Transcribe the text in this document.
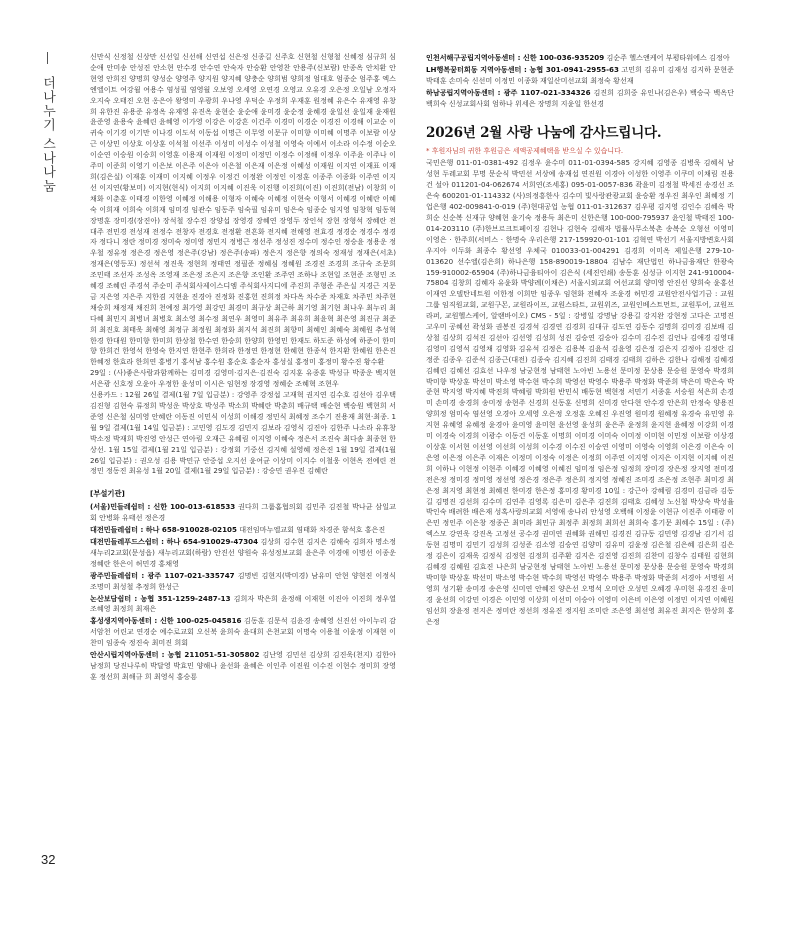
더나누기 스나나눔
32

신만식 신정철 신상만 신선일 신선해 신연섭 신은정 신종길 신주호 신현철 신형철 신혜정 심규희 심순애 안미송 안성진 안소현 안수경 안수연 안숙자 안승환 안영찬 안용주(신보람) 안종옥 안치환 안현영 안희진 양명희 양성순 양영주 양지원 양지혜 양충순 양희범 양희정 엄대호 엄종순 엄주홍 엑스엔엘이트 여강월 여용수 염성필 염영월 오보영 오세영 오연경 오영교 오유경 오은정 오일남 오정자 오지숙 오태진 오현 옹은아 왕영미 우광희 우나영 우덕순 우정희 우재훈 원정혜 유은수 유재영 유창희 유한진 유용준 유정옥 유재영 유진옥 윤현순 윤순애 윤미경 윤순정 윤혜경 윤일선 윤일재 윤재원 윤준영 윤용숙 윤혜린 윤혜영 이가영 이강은 이강흔 이건주 이경미 이경순 이경진 이경해 이교순 이귀숙 이기경 이기만 이나경 이도석 이동섭 이명근 이무영 이문규 이미향 이미혜 이명주 이보람 이상근 이상민 이상호 이상훈 이석철 이선주 이성미 이성수 이성철 이영숙 이예서 이소라 이수정 이순오 이순연 이승원 이승희 이영훈 이용재 이재원 이정미 이정민 이정수 이정해 이정우 이주윤 이주나 이주미 이준희 이영기 이은보 이은주 이은아 이은철 이은재 이은정 이혜성 이재원 이지연 이재표 이재희(김은실) 이재훈 이재미 이지혜 이정우 이정건 이정완 이정인 이정훈 이종주 이종화 이주연 이지선 이지연(황보미) 이지현(현식) 이지희 이지혜 이진욱 이진행 이진희(이진) 이진희(전남) 이창희 이채화 이춘훈 이태경 이한영 이혜정 이해용 이형자 이혜숙 이혜정 이현숙 이형서 이혜경 이혜란 이혜숙 이희재 이희숙 이희재 임미경 임관수 임동주 임숙필 임유미 임은숙 임종순 임지영 임창혁 임동혁 장명훈 장미경(장진아) 장석철 장수진 장양섭 장영경 장혜연 장영두 장인석 장현 장형석 장혜란 전대주 전민경 전성재 전정수 전창자 전경호 전정환 전흔화 전지혜 전해영 전효경 정경순 정경수 정경자 정다니 정란 정미경 정미숙 정미영 정민지 정병근 정선주 정성진 정수미 정수인 정승윤 정용운 정우철 정유정 정은경 정은영 정은주(강남) 정은주(송파) 정은지 정은향 정의숙 정재성 정재은(서초) 정재은(영등포) 정선석 정진욱 정현희 정태연 정필준 정혜심 정혜원 조경진 조경희 조규숙 조문희 조민태 조선자 조성옥 조영재 조은정 조은지 조은향 조인환 조주연 조하나 조현일 조현준 조형민 조혜경 조혜린 주경석 주순미 주식회사제이스디엠 주식회사지디에 주진희 주형준 주은실 지경근 지문금 지은영 지은주 지한겸 지현윤 진경아 진정화 진홍헌 진희정 차다옥 차수준 차재호 차주민 차주현 채승희 채정재 채진희 천예정 최가영 최강민 최경미 최규상 최근하 최기영 최기현 최나우 최누리 최다혜 최민지 최병녀 최병호 최소영 최수정 최연우 최영미 최유주 최유희 최윤혁 최은영 최진규 최준희 최진호 최태욱 최해영 최정규 최정원 최정화 최지석 최진희 최향미 최혜인 최혜숙 최혜원 추성혁 한경 한대원 한미향 한미희 한상철 한수연 한승희 한양희 한영민 한재도 하도준 하성예 하준이 한미향 한희건 한영석 한영숙 한지연 한현주 한희라 한정연 한정현 한혜현 한종석 한지환 한혜원 한은진 한혜정 한효라 한희연 홍병기 홍석남 홍수원 홍순호 홍순자 홍성실 홍정미 홍정미 황수진 황수환

29일 : (사)좋은사람과함께하는 김미경 김영미·김지은·김진숙 김지훈 유종훈 박성규 박종운 백지현 서은광 신호정 오윤아 우정한 윤성미 이시은 임현정 장경영 정혜순 조혜혁 조현우

신용카드 : 12월 26일 결제(1월 7일 입금분) : 강영주 강정섭 고재혁 권지연 김수호 김선아 김우택 김진형 김현숙 류정희 박성운 박상호 박성주 박소희 박혜란 박춘희 배규택 배순현 백승원 백현희 서준영 신은철 심미영 안혜란 이동진 이민식 이성희 이해경 정민식 최혜정 조수기 진용재 최현·최종. 1월 9일 결제(1월 14일 입금분) : 고민영 김도경 김민지 김보라 김영식 김진아 김한주 나소라 유휴창 박소정 박재희 박진영 안성근 연아림 오재근 유혜림 이지영 이혜숙 정은서 조진숙 최다솜 최종현 한상선. 1월 15일 결제(1월 21일 입금분) : 강정회 기중선 김지혜 설영혜 정은진 1월 19일 결제(1월 26일 입금분) : 권오성 김용 박민규 안중섭 오지선 윤여균 이상미 이지수 이철웅 이현옥 전예린 전정민 정동진 최유성 1월 20일 결제(1월 29일 입금분) : 강승민 권우진 김혜란

[부설기관]
(서울)민들레쉼터 : 신한 100-013-618533 권다희 그룹홈협의회 김민주 김진철 박나균 삼일교회 안병화 유태선 정은경
대전민들레쉼터 : 하나 658-910028-02105 대전임마누엘교회 염태화 차경준 함석호 홍은진
대전민들레푸드스쉼터 : 하나 654-910029-47304 김상희 김수현 김지은 김해숙 김희자 명소정 새누리2교회(문성읍) 새누리교회(하람) 안진선 양원숙 유성정보교회 윤은주 이경애 이명선 이종운 정혜란 한은이 허민경 홍채영
광주민들레쉼터 : 광주 1107-021-335747 김명빈 김현지(박미경) 남유미 안현 양현진 이정식 조명미 최성철 추정희 한성근
논산보담쉼터 : 농협 351-1259-2487-13 김희자 박은희 윤정해 이재현 이진아 이진희 정우열 조혜영 최정희 최재은
홍성생지역아동센터 : 신한 100-025-045816 김동훈 김문석 김윤경 송혜영 신진선 아이누리 감서암천 어린교 연경순 예수로교회 오신북 윤희숙 윤대희 은천교회 이명숙 이용철 이윤정 이재현 이찬미 임종숙 정진숙 최미진 희회
안산시립지역아동센터 : 농협 211051-51-305802 김난영 김민선 김상희 김진욱(천지) 김한아 남정희 당진나루히 박달영 박효민 양해나 윤선화 윤혜은 이인주 이진원 이수진 이현수 정미희 장영훈 정선희 최해규 희 최영식 홍승룡
인천서해구공립지역아동센터 : 신한 100-036-935209 김순주 헬스앤케어 부평타워에스 김정아
LH행복꿈터희동 지역아동센터 : 농협 301-0941-2955-63 고민희 김유미 김재성 김지하 문현준 박태훈 손미숙 신선미 이정민 이종화 재일산미선교회 최정숙 황선재
하남공립지역아동센터 : 광주 1107-021-334326 김진희 김희중 유인나(김은우) 백승국 백옥단 백희숙 신성교회사회 엄하나 위세은 장명희 지윤일 한선경
2026년 2월 사랑 나눔에 감사드립니다.

* 후원자님의 귀한 후원금은 세액공제혜택을 받으실 수 있습니다.

국민은행 011-01-0381-492 김정우 윤수미 011-01-0394-585 강지혜 김영종 김병욱 김혜식 남성현 두레교회 무명 문순식 박민선 서상예 송재섭 연진원 이경아 이성한 이영주 이쿠미 이채림 진용건 설아 011201-04-062674 서희연(조세홍) 095-01-0057-836 곽윤미 김정철 박세진 송경선 조은숙 600201-01-114332 (사)의정흥한사 김수미 빛사랑관광교회 윤승환 정우진 최우인 최혜정 기업은행 402-009841-0-019 (주)현대공업 농협 011-01-312637 김우평 김지영 김인수 김혜옥 박희순 신순복 신재규 양혜현 윤기숙 정용득 최은미 신한은행 100-000-795937 윤인철 박태진 100-014-203110 (주)한브르크트페이징 김현나 김현숙 김해자 법률사무소북촌 송복순 오형선 이영미 이영은 · 한주희(서비스 · 한명숙 우리은행 217-159920-01-101 김혁연 박선기 서울지방변호사회 우지아 이두화 최종수 황선영 우체국 010033-01-004291 김경희 이미옥 제일은행 279-10-013620 선수엘(김은희) 하나은행 158-890019-18804 김남수 재단법인 하나금융재단 한광숙 159-910002-65904 (주)하나금융티아이 김은식 (세진인쇄) 송동훈 심성규 이지현 241-910004-75804 김창희 김혜자 유윤화 박양례(이채은) 서울시외교회 여선교회 양미영 안진선 양희숙 윤홍선 이재연 오델탄네트원 이한정 이희만 임종우 임현화 전혜자 조윤경 허민경 교원안전사업기금 : 교원그룹 임직원교회, 교원구몬, 교원라이프, 교원스타트, 교원위즈, 교원인베스트먼트, 교원투어, 교원프라퍼, 교원헬스케어, 알랜바이오) CMS - 5일 : 강병일 강명남 강용길 강지완 강현정 고다은 고명진 고우미 공혜선 곽성화 권봉진 김경석 김경연 김경희 김대규 김도연 김동수 김명희 김미경 김보배 김상철 김상희 김석진 김선아 김선영 김성희 성진 김승연 김승아 김수미 김수진 김언나 김애경 김영대 김영미 김영석 김영채 김영화 김유석 김정은 김용복 김윤석 김윤영 김은정 김은지 김정아 김정란 김정준 김종우 김준석 김종근(대전) 김종숙 김지혜 김진희 김태경 김태희 김하은 김한나 김해정 김혜경 김혜린 김혜선 김효선 나우정 남궁현정 남태현 노아빈 노용선 문미정 문상용 문승원 문영숙 박경희 박미향 박상훈 박선미 박소영 박수현 박수희 박영선 박영수 박용주 박정화 박준희 박은미 박은숙 박준현 박지영 박지혜 박진희 박혜림 박희원 반민식 배동현 백현정 서민기 서종훈 서승원 석은희 손경미 손미경 송경희 송미정 송현주 신경희 신동훈 신명희 신미경 안다현 안수경 안은희 안정숙 양용진 양희정 엄미숙 염선영 오경아 오세영 오은정 오정훈 오혜진 우진영 원미경 원혜정 유경숙 유민영 유지현 유혜영 유혜정 윤경아 윤미영 윤미현 윤선영 윤성희 윤은주 윤정희 윤지현 윤혜정 이강희 이경미 이경숙 이경희 이광수 이동건 이동훈 이명희 이미경 이미숙 이미정 이미현 이민정 이보람 이상경 이상훈 이서현 이선영 이선희 이성희 이수경 이수진 이승연 이영미 이영숙 이영희 이은경 이은숙 이은영 이은정 이은주 이재은 이정미 이정숙 이정은 이정희 이주연 이지영 이지은 이지현 이지혜 이진희 이하나 이현정 이현주 이혜경 이혜영 이혜진 임미정 임은정 임정희 장미경 장은정 장지영 전미경 전은정 정미경 정미영 정선영 정은경 정은주 정은희 정지영 정혜진 조미경 조은정 조현주 최미경 최은정 최지영 최현정 최혜진 한미경 한은정 홍미경 황미경 10일 : 강근아 강혜림 김경미 김금라 김동길 김명진 김선희 김수미 김연주 김영록 김은미 김은주 김진희 김태호 김혜성 노신철 박상숙 박성율 박인숙 배려한 배은재 성혹사랑의교회 서영애 송나리 안성영 오백해 이정윤 이현규 이진주 이태광 이은민 정인주 이은창 정종곤 최미라 최민규 최정주 최정희 최희선 최희숙 홍기문 최혜수 15일 : (주)엑스모 강연욱 강진옥 고정선 공수경 권미연 권혜화 권해민 김경진 김규동 김민영 김경남 김기서 김동현 김명미 김민기 김성희 김성준 김소영 김승연 김양미 김유미 김윤정 김은철 김은혜 김은희 김은정 김은이 김재욱 김정식 김정현 김정희 김주환 김지은 김진영 김진희 김찬미 김창수 김태원 김현희 김혜경 김혜원 김효진 나은희 남궁현정 남태현 노아빈 노용선 문미정 문상용 문승원 문영숙 박경희 박미향 박상훈 박선미 박소영 박수현 박수희 박영선 박영수 박용주 박정화 박준희 서경아 서명원 서영희 성기환 송미경 송은영 신미연 안혜진 양은선 오명석 오미란 오성민 오혜경 우미현 유경진 윤미경 윤선희 이강민 이경은 이민영 이상희 이선미 이승아 이영미 이은비 이은영 이정민 이지연 이혜원 임선희 장윤정 전지은 정미란 정선희 정유진 정지원 조미란 조은영 최선영 최유진 최지은 한상희 홍은정
